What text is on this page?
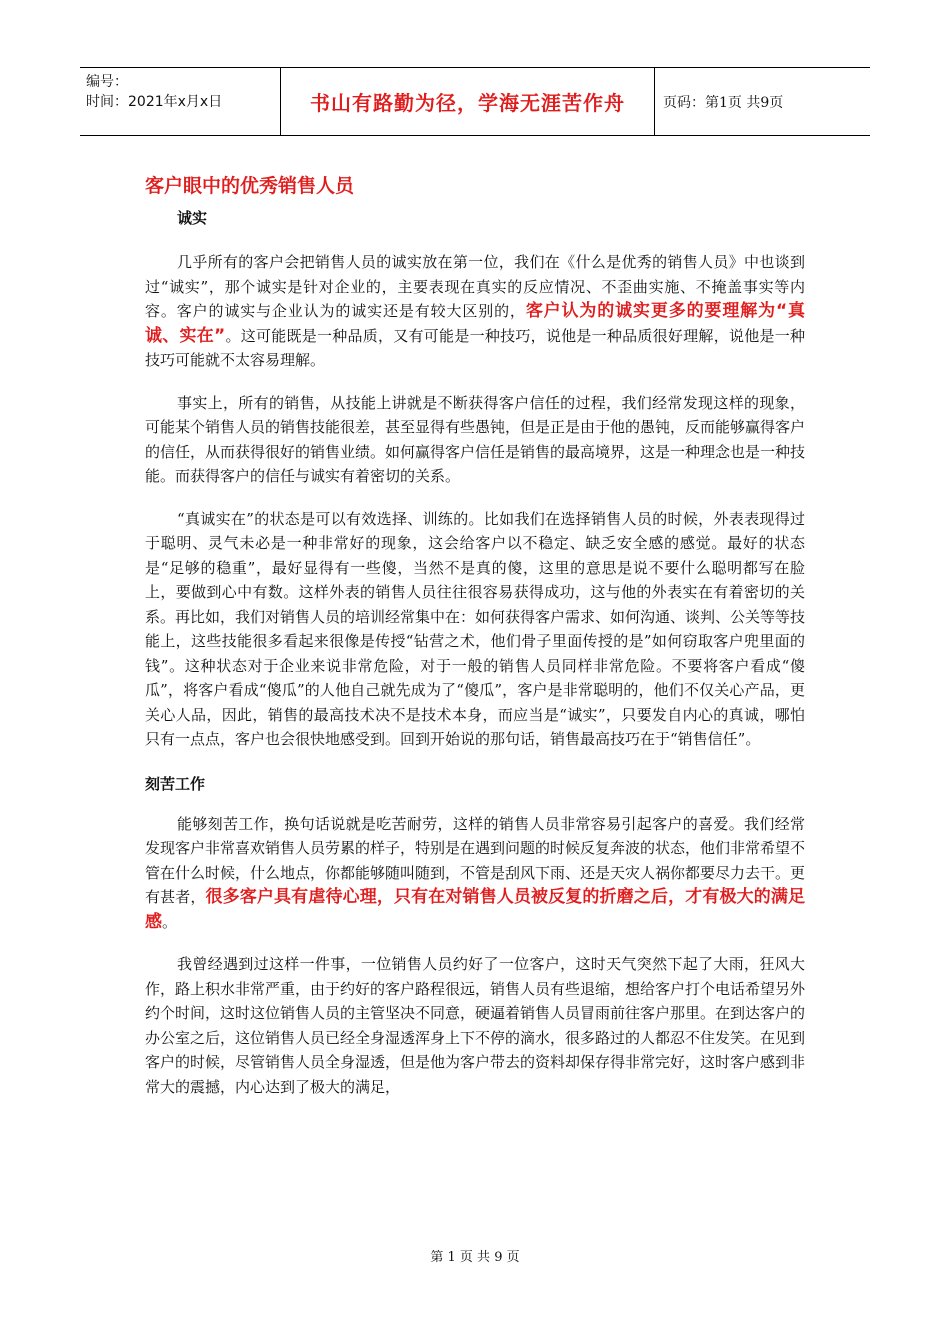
编号：
时间：2021年x月x日	书山有路勤为径，学海无涯苦作舟	页码：第1页 共9页
客户眼中的优秀销售人员
诚实

几乎所有的客户会把销售人员的诚实放在第一位，我们在《什么是优秀的销售人员》中也谈到过“诚实”，那个诚实是针对企业的，主要表现在真实的反应情况、不歪曲实施、不掩盖事实等内容。客户的诚实与企业认为的诚实还是有较大区别的，客户认为的诚实更多的要理解为“真诚、实在”。这可能既是一种品质，又有可能是一种技巧，说他是一种品质很好理解，说他是一种技巧可能就不太容易理解。

事实上，所有的销售，从技能上讲就是不断获得客户信任的过程，我们经常发现这样的现象，可能某个销售人员的销售技能很差，甚至显得有些愚钝，但是正是由于他的愚钝，反而能够赢得客户的信任，从而获得很好的销售业绩。如何赢得客户信任是销售的最高境界，这是一种理念也是一种技能。而获得客户的信任与诚实有着密切的关系。

“真诚实在”的状态是可以有效选择、训练的。比如我们在选择销售人员的时候，外表表现得过于聪明、灵气未必是一种非常好的现象，这会给客户以不稳定、缺乏安全感的感觉。最好的状态是“足够的稳重”，最好显得有一些傻，当然不是真的傻，这里的意思是说不要什么聪明都写在脸上，要做到心中有数。这样外表的销售人员往往很容易获得成功，这与他的外表实在有着密切的关系。再比如，我们对销售人员的培训经常集中在：如何获得客户需求、如何沟通、谈判、公关等等技能上，这些技能很多看起来很像是传授“钻营之术，他们骨子里面传授的是”如何窃取客户兜里面的钱”。这种状态对于企业来说非常危险，对于一般的销售人员同样非常危险。不要将客户看成“傻瓜”，将客户看成“傻瓜”的人他自己就先成为了“傻瓜”，客户是非常聪明的，他们不仅关心产品，更关心人品，因此，销售的最高技术决不是技术本身，而应当是“诚实”，只要发自内心的真诚，哪怕只有一点点，客户也会很快地感受到。回到开始说的那句话，销售最高技巧在于“销售信任”。

刻苦工作

能够刻苦工作，换句话说就是吃苦耐劳，这样的销售人员非常容易引起客户的喜爱。我们经常发现客户非常喜欢销售人员劳累的样子，特别是在遇到问题的时候反复奔波的状态，他们非常希望不管在什么时候，什么地点，你都能够随叫随到，不管是刮风下雨、还是天灾人祸你都要尽力去干。更有甚者，很多客户具有虐待心理，只有在对销售人员被反复的折磨之后，才有极大的满足感。

我曾经遇到过这样一件事，一位销售人员约好了一位客户，这时天气突然下起了大雨，狂风大作，路上积水非常严重，由于约好的客户路程很远，销售人员有些退缩，想给客户打个电话希望另外约个时间，这时这位销售人员的主管坚决不同意，硬逼着销售人员冒雨前往客户那里。在到达客户的办公室之后，这位销售人员已经全身湿透浑身上下不停的滴水，很多路过的人都忍不住发笑。在见到客户的时候，尽管销售人员全身湿透，但是他为客户带去的资料却保存得非常完好，这时客户感到非常大的震撼，内心达到了极大的满足，

第 1 页 共 9 页
